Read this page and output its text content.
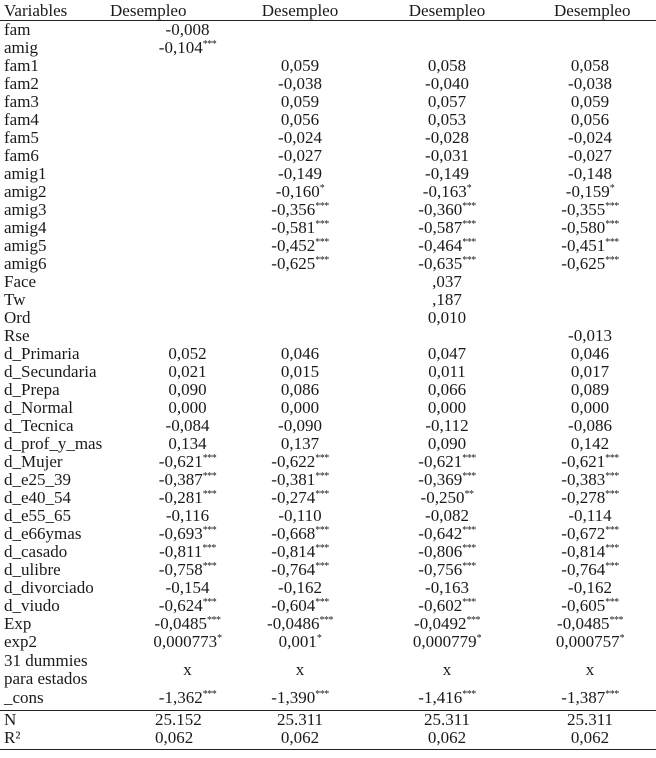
Variables	Desempleo	Desempleo	Desempleo	Desempleo	
fam	-0,008				
amig	-0,104***				
fam1		0,059	0,058	0,058	
fam2		-0,038	-0,040	-0,038	
fam3		0,059	0,057	0,059	
fam4		0,056	0,053	0,056	
fam5		-0,024	-0,028	-0,024	
fam6		-0,027	-0,031	-0,027	
amig1		-0,149	-0,149	-0,148	
amig2		-0,160*	-0,163*	-0,159*	
amig3		-0,356***	-0,360***	-0,355***	
amig4		-0,581***	-0,587***	-0,580***	
amig5		-0,452***	-0,464***	-0,451***	
amig6		-0,625***	-0,635***	-0,625***	
Face			,037		
Tw			,187		
Ord			0,010		
Rse				-0,013	
d_Primaria	0,052	0,046	0,047	0,046	
d_Secundaria	0,021	0,015	0,011	0,017	
d_Prepa	0,090	0,086	0,066	0,089	
d_Normal	0,000	0,000	0,000	0,000	
d_Tecnica	-0,084	-0,090	-0,112	-0,086	
d_prof_y_mas	0,134	0,137	0,090	0,142	
d_Mujer	-0,621***	-0,622***	-0,621***	-0,621***	
d_e25_39	-0,387***	-0,381***	-0,369***	-0,383***	
d_e40_54	-0,281***	-0,274***	-0,250**	-0,278***	
d_e55_65	-0,116	-0,110	-0,082	-0,114	
d_e66ymas	-0,693***	-0,668***	-0,642***	-0,672***	
d_casado	-0,811***	-0,814***	-0,806***	-0,814***	
d_ulibre	-0,758***	-0,764***	-0,756***	-0,764***	
d_divorciado	-0,154	-0,162	-0,163	-0,162	
d_viudo	-0,624***	-0,604***	-0,602***	-0,605***	
Exp	-0,0485***	-0,0486***	-0,0492***	-0,0485***	
exp2	0,000773*	0,001*	0,000779*	0,000757*	
31 dummies para estados	x	x	x	x	
_cons	-1,362***	-1,390***	-1,416***	-1,387***	
N	25.152	25.311	25.311	25.311	
R²	0,062	0,062	0,062	0,062	
